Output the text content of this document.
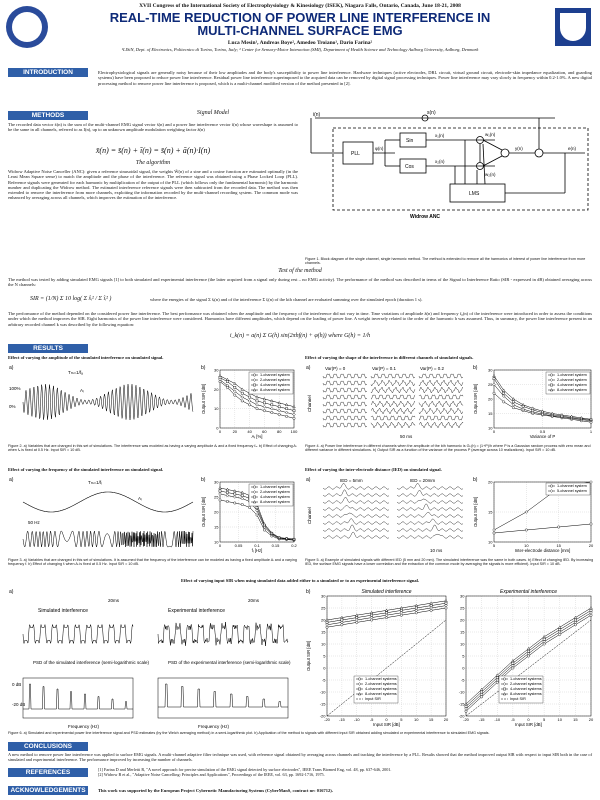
XVII Congress of the International Society of Electrophysiology & Kinesiology (ISEK), Niagara Falls, Ontario, Canada, June 18-21, 2008
REAL-TIME REDUCTION OF POWER LINE INTERFERENCE IN
MULTI-CHANNEL SURFACE EMG
Luca Mesin¹, Andreas Boye², Amedeo Troiano¹, Dario Farina²
¹LISiN, Dept. of Electronics, Politecnico di Torino, Torino, Italy; ² Center for Sensory-Motor Interaction (SMI), Department of Health Science and Technology Aalborg University, Aalborg, Denmark
INTRODUCTION	Electrophysiological signals are generally noisy because of their low amplitudes and the body's susceptibility to power line interference. Hardware techniques (active electrodes, DRL circuit, virtual ground circuit, electrode-skin impedance equalization, and guarding systems) have been proposed to reduce power line interference. Residual power line interference superimposed to the acquired data can be removed by digital signal processing techniques. Power line interference may vary slowly in frequency within 0.2-1.0%. A new digital processing method to remove power line interference is proposed, which is a multi-channel modified version of the method presented in [2].
METHODS	Signal Model
The recorded data vector x̄(n) is the sum of the multi-channel EMG signal vector s̄(n) and a power line interference vector ī(n) whose waveshape is assumed to be the same in all channels, referred to as I(n), up to an unknown amplitude modulation weighting factor ā(n)
x̄(n) = s̄(n) + ī(n) = s̄(n) + ā(n)·I(n)
The algorithm
Widrow Adaptive Noise Canceller (ANC): given a reference sinusoidal signal, the weights W̄(n) of a sine and a cosine function are estimated optimally (in the Least Mean Square sense) to match the amplitude and the phase of the interference. The reference signal was obtained using a Phase Locked Loop (PLL). Reference signals were generated for each harmonic by multiplication of the output of the PLL (which follows only the fundamental harmonic) by the harmonic number and duplicating the Widrow method. The estimated interference reference signals were then subtracted from the recorded data. The method was then extended to remove the interference from more channels, exploiting the information recorded by the multi-channel recording system. The common mode was enhanced by averaging across all channels, which improves the estimation of the interference.
s(n)
i(n)
PLL
φ(n)
Sin
Cos
x₁(n)
x₂(n)
w₁(n)
w₂(n)
LMS
y(n)	e(n)
Widrow ANC
Figure 1. Block diagram of the single channel, single harmonic method. The method is extended to remove all the harmonics of interest of power line interference from more channels.
Test of the method
The method was tested by adding simulated EMG signals [1] to both simulated and experimental interference (the latter acquired from a signal only during rest – no EMG activity). The performance of the method was described in terms of the Signal to Interference Ratio (SIR - expressed in dB) obtained averaging across the N channels:
SIR = (1/N) Σ 10 log( Σ ŝᵢ² / Σ îᵢ² )	where the energies of the signal Σ ŝᵢ(n) and of the interference Σ îᵢ(n) of the kth channel are evaluated summing over the simulated epoch (duration 1 s).
The performance of the method depended on the considered power line interference. The best performance was obtained when the amplitude and the frequency of the interference did not vary in time. Time variations of amplitude ā(n) and frequency f₀(n) of the interference were introduced in order to assess the conditions under which the method improves the SIR. Eight harmonics of the power line interference were considered. Harmonics have different amplitudes, which depend on the loading of power line. A weight inversely related to the order of the harmonic h was assumed. Thus, in summary, the power line interference present in an arbitrary recorded channel k was described by the following equation:
i_k(n) = a(n) Σ G(h) sin(2πhf(n) + φ(h)) where G(h) = 1/h
RESULTS
Effect of varying the amplitude of the simulated interference on simulated signal.	Effect of varying the shape of the interference in different channels of simulated signals.
a)
100%
0%
Tₘ=1/fₐ
Aᵢ
b)
0
10
20
30
0	20	40	60	80 100
Aᵢ [%]
Output SIR [dB]
1-channel system
2-channel system
4-channel system
8-channel system
Figure 2. a) Variables that are changed in this set of simulations. The interference was modeled as having a varying amplitude Aᵢ and a fixed frequency fₐ. b) Effect of changing Aᵢ when fₐ is fixed at 0.5 Hz. Input SIR = 10 dB.
a)	Var(P) = 0	Var(P) = 0.1	Var(P) = 0.2
50 ms
Channel
b)
10
15
20
25
30
0	0.5	1
Variance of P
Output SIR [dB]
1-channel system
2-channel system
4-channel system
8-channel system
Figure 4. a) Power line interference in different channels when the amplitude of the kth harmonic is Gₖ(h) = (1+P)/h where P is a Gaussian random process with zero mean and different variance in different simulations. b) Output SIR as a function of the variance of the process P (average across 10 realizations). Input SIR = 10 dB.
Effect of varying the frequency of the simulated interference on simulated signal.	Effect of varying the inter-electrode distance (IED) on simulated signal.
a)	Tₘ=1/fᵢ
Aᵢ
50 Hz
b)
10
15
20
25
30
0	0.05	0.1	0.15	0.2
fᵢ [Hz]
Output SIR [dB]
1-channel system
2-channel system
4-channel system
8-channel system
Figure 3. a) Variables that are changed in this set of simulations. It is assumed that the frequency of the interference can be modeled as having a fixed amplitude Aᵢ and a varying frequency f. b) Effect of changing fᵢ when Aᵢ is fixed at 0.5 Hz. Input SIR = 10 dB.
a)	IED = 5mm	IED = 20mm
10 ms
Channel
b)
10
15
20
5	10	15	20
Inter-electrode distance [mm]
Output SIR [dB]
1-channel system
5-channel system
Figure 5. a) Example of simulated signals with different IED (5 mm and 20 mm). The simulated interference was the same in both cases. b) Effect of changing IED. By increasing IED, the surface EMG signals have a lower correlation and the extraction of the common mode by averaging the signals is more efficient). Input SIR = 10 dB.
Effect of varying input SIR when using simulated data added either to a simulated or to an experimental interference signal.
a)
Simulated interference	Experimental interference
20ms	20ms
PSD of the simulated interference (semi-logarithmic scale)	PSD of the experimental interference (semi-logarithmic scale)
0 dB
-20 dB
Frequency (Hz)	Frequency (Hz)
b)	Simulated interference
-20
-15
-10
-5
0
5
10
15
20
25
30
-20 -15 -10	-5	0	5	10	15	20
Input SIR [dB]
Output SIR [dB]
1-channel systems
2-channel systems
4-channel systems
8-channel systems
Input SIR
Experimental interference
-20
-15
-10
-5
0
5
10
15
20
25
30
-20 -15 -10	-5	0	5	10	15	20
Input SIR [dB]
1-channel systems
2-channel systems
4-channel systems
8-channel systems
Input SIR
Figure 6. a) Simulated and experimental power line interference signal and PSD estimates (by the Welch averaging method) in a semi-logarithmic plot. b) Application of the method to signals with different input SIR obtained adding simulated or experimental interference to simulated EMG signals.
CONCLUSIONS
A new method to remove power line interference was applied to surface EMG signals. A multi-channel adaptive filter technique was used, with reference signal obtained by averaging across channels and tracking the interference by a PLL. Results showed that the method improved output SIR with respect to input SIR both in the case of simulated and experimental interference. The performance improved by increasing the number of channels.
REFERENCES	[1] Farina D and Merletti R, "A novel approach for precise simulation of the EMG signal detected by surface electrodes", IEEE Trans Biomed Eng, vol. 48, pp. 637-646, 2001.
[2] Widrow B et al., "Adaptive Noise Cancelling: Principles and Applications", Proceedings of the IEEE, vol. 63, pp. 1692-1716, 1975.
ACKNOWLEDGEMENTS	This work was supported by the European Project Cybernetic Manufacturing Systems (CyberManS, contract nr: 016712).
